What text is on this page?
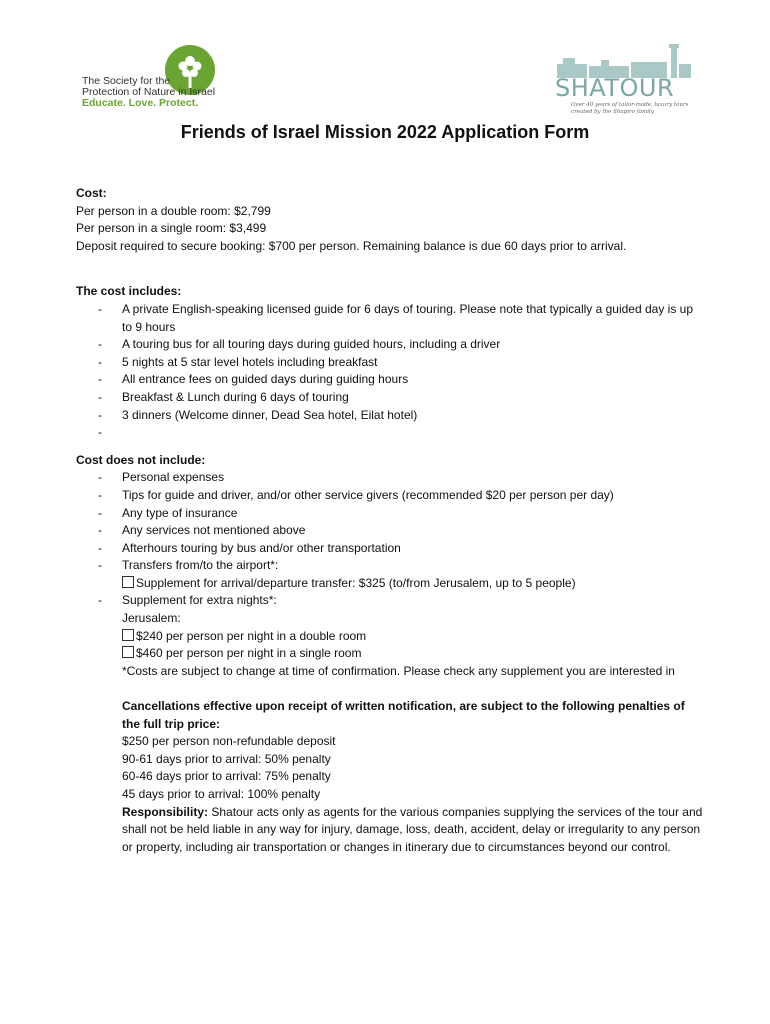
The Society for the
Protection of Nature in Israel
Educate. Love. Protect.
SHATOUR
Over 40 years of tailor-made, luxury tours created by the Shapiro family
Friends of Israel Mission 2022 Application Form

Cost:

Per person in a double room: $2,799

Per person in a single room: $3,499

Deposit required to secure booking: $700 per person. Remaining balance is due 60 days prior to arrival.

The cost includes:

- A private English-speaking licensed guide for 6 days of touring. Please note that typically a guided day is up to 9 hours
- A touring bus for all touring days during guided hours, including a driver
- 5 nights at 5 star level hotels including breakfast
- All entrance fees on guided days during guiding hours
- Breakfast & Lunch during 6 days of touring
- 3 dinners (Welcome dinner, Dead Sea hotel, Eilat hotel)
-

Cost does not include:

- Personal expenses
- Tips for guide and driver, and/or other service givers (recommended $20 per person per day)
- Any type of insurance
- Any services not mentioned above
- Afterhours touring by bus and/or other transportation
- Transfers from/to the airport*:

Supplement for arrival/departure transfer: $325 (to/from Jerusalem, up to 5 people)

- Supplement for extra nights*:

Jerusalem:

$240 per person per night in a double room

$460 per person per night in a single room

*Costs are subject to change at time of confirmation. Please check any supplement you are interested in

Cancellations effective upon receipt of written notification, are subject to the following penalties of the full trip price:

$250 per person non-refundable deposit

90-61 days prior to arrival: 50% penalty

60-46 days prior to arrival: 75% penalty

45 days prior to arrival: 100% penalty

Responsibility: Shatour acts only as agents for the various companies supplying the services of the tour and shall not be held liable in any way for injury, damage, loss, death, accident, delay or irregularity to any person or property, including air transportation or changes in itinerary due to circumstances beyond our control.
